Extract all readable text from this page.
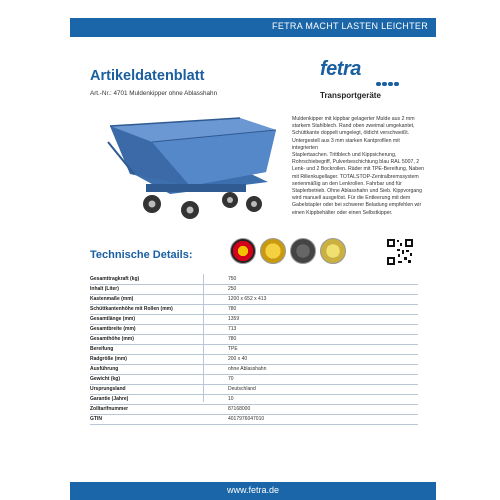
FETRA MACHT LASTEN LEICHTER
Artikeldatenblatt
Art.-Nr.: 4701 Muldenkipper ohne Ablasshahn
fetra
Transportgeräte
Muldenkipper mit kippbar gelagerter Mulde aus 2 mm
starkem Stahlblech. Rand oben zweimal umgekantet,
Schüttkante doppelt umgelegt, öldicht verschweißt.
Untergestell aus 3 mm starken Kantprofilen mit integrierten
Staplertaschen. Trittblech und Kippsicherung,
Rohrschiebegriff, Pulverbeschichtung blau RAL 5007, 2
Lenk- und 2 Bockrollen. Räder mit TPE-Bereifung, Naben
mit Rillenkugellager. TOTALSTOP-Zentralbremssystem
serienmäßig an den Lenkrollen. Fahrbar und für
Staplerbetrieb. Ohne Ablasshahn und Sieb. Kippvorgang
wird manuell ausgelöst. Für die Entleerung mit dem
Gabelstapler oder bei schwerer Beladung empfehlen wir
einen Kippbehälter oder einen Selbstkipper.
Technische Details:
Gesamttragkraft (kg)	750
Inhalt (Liter)	250
Kastenmaße (mm)	1200 x 652 x 413
Schüttkantenhöhe mit Rollen (mm)	780
Gesamtlänge (mm)	1359
Gesamtbreite (mm)	713
Gesamthöhe (mm)	780
Bereifung	TPE
Radgröße (mm)	200 x 40
Ausführung	ohne Ablasshahn
Gewicht (kg)	70
Ursprungsland	Deutschland
Garantie (Jahre)	10
Zolltarifnummer	87168000
GTIN	4017976047010
www.fetra.de
